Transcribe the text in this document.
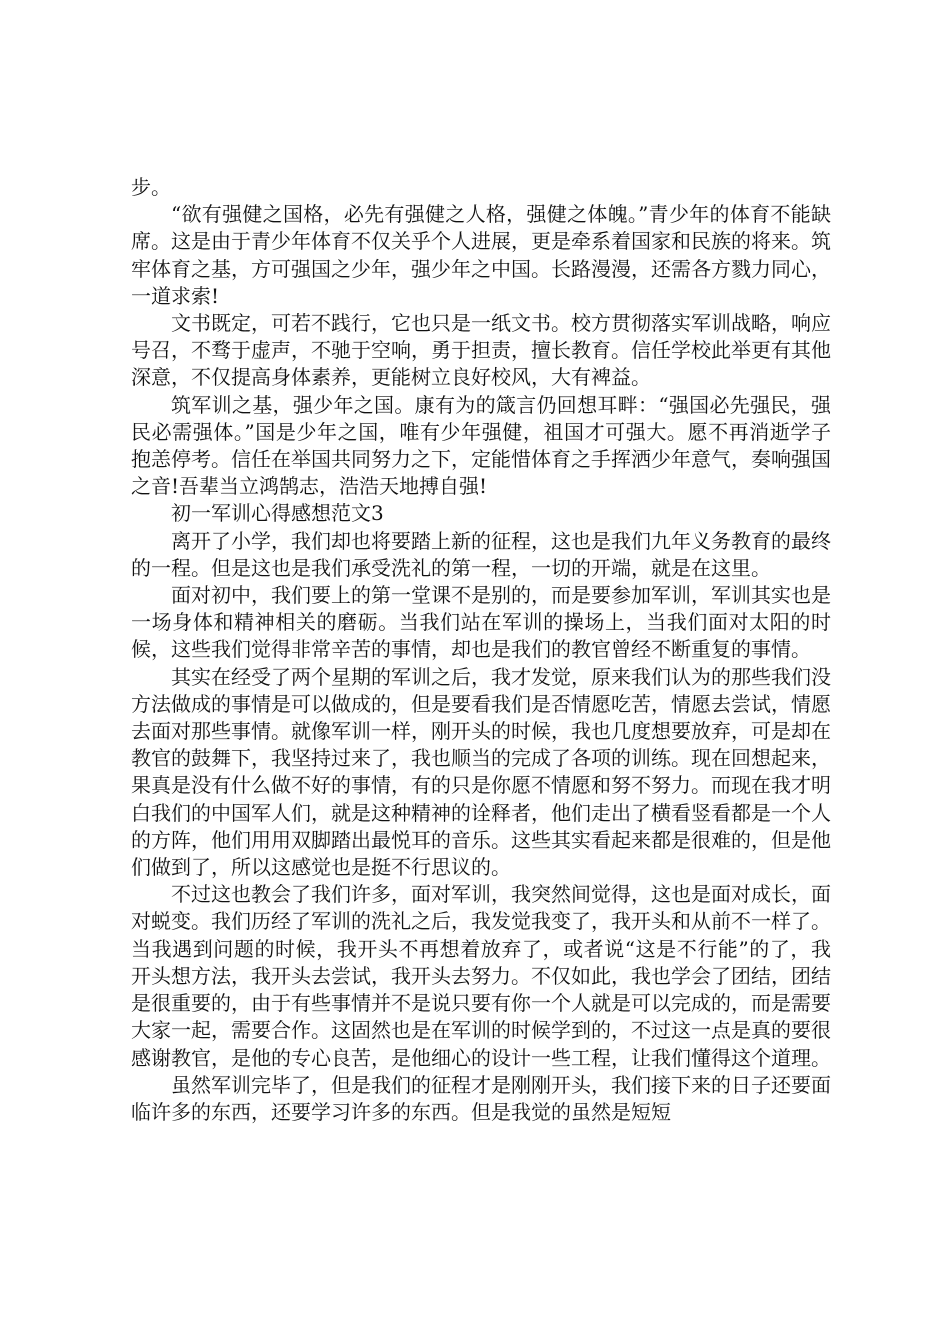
步。

“欲有强健之国格，必先有强健之人格，强健之体魄。”青少年的体育不能缺席。这是由于青少年体育不仅关乎个人进展，更是牵系着国家和民族的将来。筑牢体育之基，方可强国之少年，强少年之中国。长路漫漫，还需各方戮力同心，一道求索!

文书既定，可若不践行，它也只是一纸文书。校方贯彻落实军训战略，响应号召，不骛于虚声，不驰于空响，勇于担责，擅长教育。信任学校此举更有其他深意，不仅提高身体素养，更能树立良好校风，大有裨益。

筑军训之基，强少年之国。康有为的箴言仍回想耳畔：“强国必先强民，强民必需强体。”国是少年之国，唯有少年强健，祖国才可强大。愿不再消逝学子抱恙停考。信任在举国共同努力之下，定能惜体育之手挥洒少年意气，奏响强国之音!吾辈当立鸿鹄志，浩浩天地搏自强!

初一军训心得感想范文3

离开了小学，我们却也将要踏上新的征程，这也是我们九年义务教育的最终的一程。但是这也是我们承受洗礼的第一程，一切的开端，就是在这里。

面对初中，我们要上的第一堂课不是别的，而是要参加军训，军训其实也是一场身体和精神相关的磨砺。当我们站在军训的操场上，当我们面对太阳的时候，这些我们觉得非常辛苦的事情，却也是我们的教官曾经不断重复的事情。

其实在经受了两个星期的军训之后，我才发觉，原来我们认为的那些我们没方法做成的事情是可以做成的，但是要看我们是否情愿吃苦，情愿去尝试，情愿去面对那些事情。就像军训一样，刚开头的时候，我也几度想要放弃，可是却在教官的鼓舞下，我坚持过来了，我也顺当的完成了各项的训练。现在回想起来，果真是没有什么做不好的事情，有的只是你愿不情愿和努不努力。而现在我才明白我们的中国军人们，就是这种精神的诠释者，他们走出了横看竖看都是一个人的方阵，他们用用双脚踏出最悦耳的音乐。这些其实看起来都是很难的，但是他们做到了，所以这感觉也是挺不行思议的。

不过这也教会了我们许多，面对军训，我突然间觉得，这也是面对成长，面对蜕变。我们历经了军训的洗礼之后，我发觉我变了，我开头和从前不一样了。当我遇到问题的时候，我开头不再想着放弃了，或者说“这是不行能”的了，我开头想方法，我开头去尝试，我开头去努力。不仅如此，我也学会了团结，团结是很重要的，由于有些事情并不是说只要有你一个人就是可以完成的，而是需要大家一起，需要合作。这固然也是在军训的时候学到的，不过这一点是真的要很感谢教官，是他的专心良苦，是他细心的设计一些工程，让我们懂得这个道理。

虽然军训完毕了，但是我们的征程才是刚刚开头，我们接下来的日子还要面临许多的东西，还要学习许多的东西。但是我觉的虽然是短短
